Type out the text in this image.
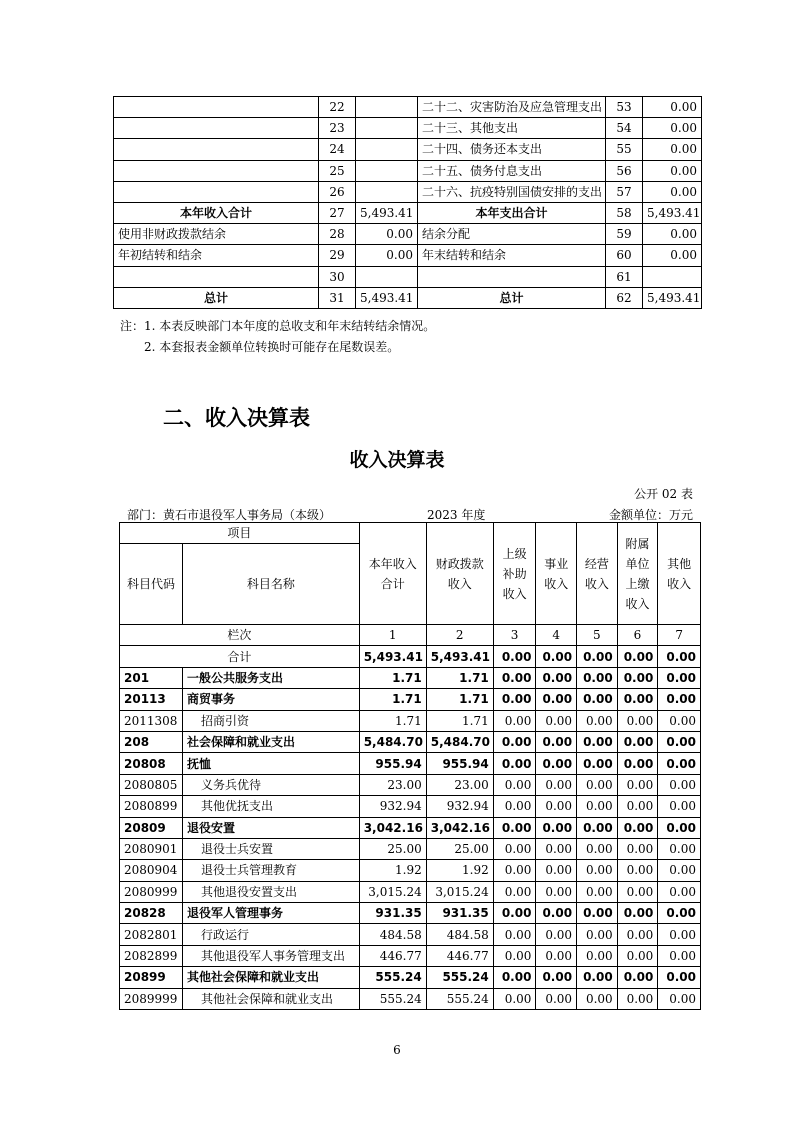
	22		二十二、灾害防治及应急管理支出	53	0.00
	23		二十三、其他支出	54	0.00
	24		二十四、债务还本支出	55	0.00
	25		二十五、债务付息支出	56	0.00
	26		二十六、抗疫特别国债安排的支出	57	0.00
本年收入合计	27	5,493.41	本年支出合计	58	5,493.41
使用非财政拨款结余	28	0.00	结余分配	59	0.00
年初结转和结余	29	0.00	年末结转和结余	60	0.00
	30			61	
总计	31	5,493.41	总计	62	5,493.41
注：1. 本表反映部门本年度的总收支和年末结转结余情况。
2. 本套报表金额单位转换时可能存在尾数误差。
二、收入决算表
收入决算表
公开 02 表
部门：黄石市退役军人事务局（本级）	2023 年度	金额单位：万元
项目		本年收入合计	财政拨款收入	上级补助收入	事业收入	经营收入	附属单位上缴收入	其他收入
科目代码	科目名称							
栏次		1	2	3	4	5	6	7
合计		5,493.41	5,493.41	0.00	0.00	0.00	0.00	0.00
201	一般公共服务支出	1.71	1.71	0.00	0.00	0.00	0.00	0.00
20113	商贸事务	1.71	1.71	0.00	0.00	0.00	0.00	0.00
2011308	招商引资	1.71	1.71	0.00	0.00	0.00	0.00	0.00
208	社会保障和就业支出	5,484.70	5,484.70	0.00	0.00	0.00	0.00	0.00
20808	抚恤	955.94	955.94	0.00	0.00	0.00	0.00	0.00
2080805	义务兵优待	23.00	23.00	0.00	0.00	0.00	0.00	0.00
2080899	其他优抚支出	932.94	932.94	0.00	0.00	0.00	0.00	0.00
20809	退役安置	3,042.16	3,042.16	0.00	0.00	0.00	0.00	0.00
2080901	退役士兵安置	25.00	25.00	0.00	0.00	0.00	0.00	0.00
2080904	退役士兵管理教育	1.92	1.92	0.00	0.00	0.00	0.00	0.00
2080999	其他退役安置支出	3,015.24	3,015.24	0.00	0.00	0.00	0.00	0.00
20828	退役军人管理事务	931.35	931.35	0.00	0.00	0.00	0.00	0.00
2082801	行政运行	484.58	484.58	0.00	0.00	0.00	0.00	0.00
2082899	其他退役军人事务管理支出	446.77	446.77	0.00	0.00	0.00	0.00	0.00
20899	其他社会保障和就业支出	555.24	555.24	0.00	0.00	0.00	0.00	0.00
2089999	其他社会保障和就业支出	555.24	555.24	0.00	0.00	0.00	0.00	0.00
6
